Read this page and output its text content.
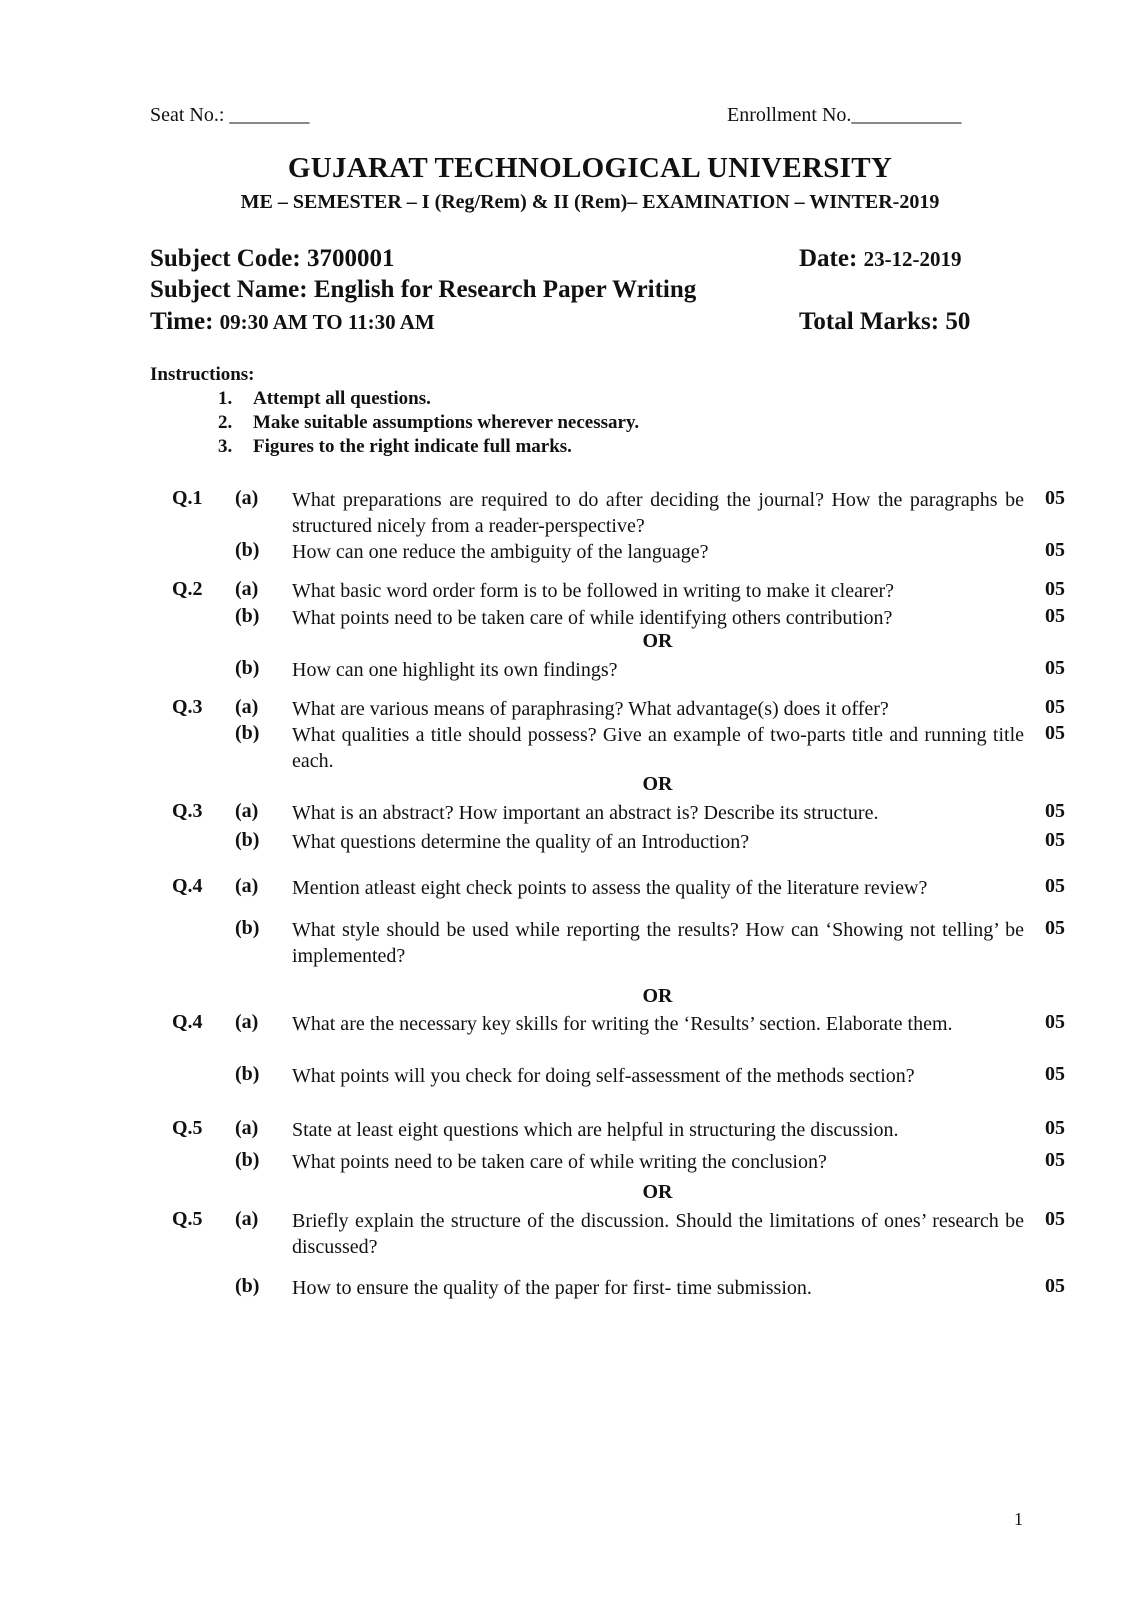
Seat No.: ________	Enrollment No.___________
GUJARAT TECHNOLOGICAL UNIVERSITY
ME – SEMESTER – I (Reg/Rem) & II (Rem)– EXAMINATION – WINTER-2019
Subject Code: 3700001	Date: 23-12-2019
Subject Name: English for Research Paper Writing
Time: 09:30 AM TO 11:30 AM	Total Marks: 50
Instructions:
1.	Attempt all questions.
2.	Make suitable assumptions wherever necessary.
3.	Figures to the right indicate full marks.
Q.1 (a) What preparations are required to do after deciding the journal? How the paragraphs be structured nicely from a reader-perspective?
05
(b) How can one reduce the ambiguity of the language?	05
Q.2 (a) What basic word order form is to be followed in writing to make it clearer?	05
(b) What points need to be taken care of while identifying others contribution?	05
OR
(b) How can one highlight its own findings?	05
Q.3 (a) What are various means of paraphrasing? What advantage(s) does it offer?	05
(b) What qualities a title should possess? Give an example of two-parts title and running title each.
05
OR
Q.3 (a) What is an abstract? How important an abstract is? Describe its structure.	05
(b) What questions determine the quality of an Introduction?	05
Q.4 (a) Mention atleast eight check points to assess the quality of the literature review?	05
(b) What style should be used while reporting the results? How can ‘Showing not telling’ be implemented?
05
OR
Q.4 (a) What are the necessary key skills for writing the ‘Results’ section. Elaborate them.	05
(b) What points will you check for doing self-assessment of the methods section?	05
Q.5 (a) State at least eight questions which are helpful in structuring the discussion.	05
(b) What points need to be taken care of while writing the conclusion?	05
OR
Q.5 (a) Briefly explain the structure of the discussion. Should the limitations of ones’ research be discussed?
05
(b) How to ensure the quality of the paper for first- time submission.	05
1
